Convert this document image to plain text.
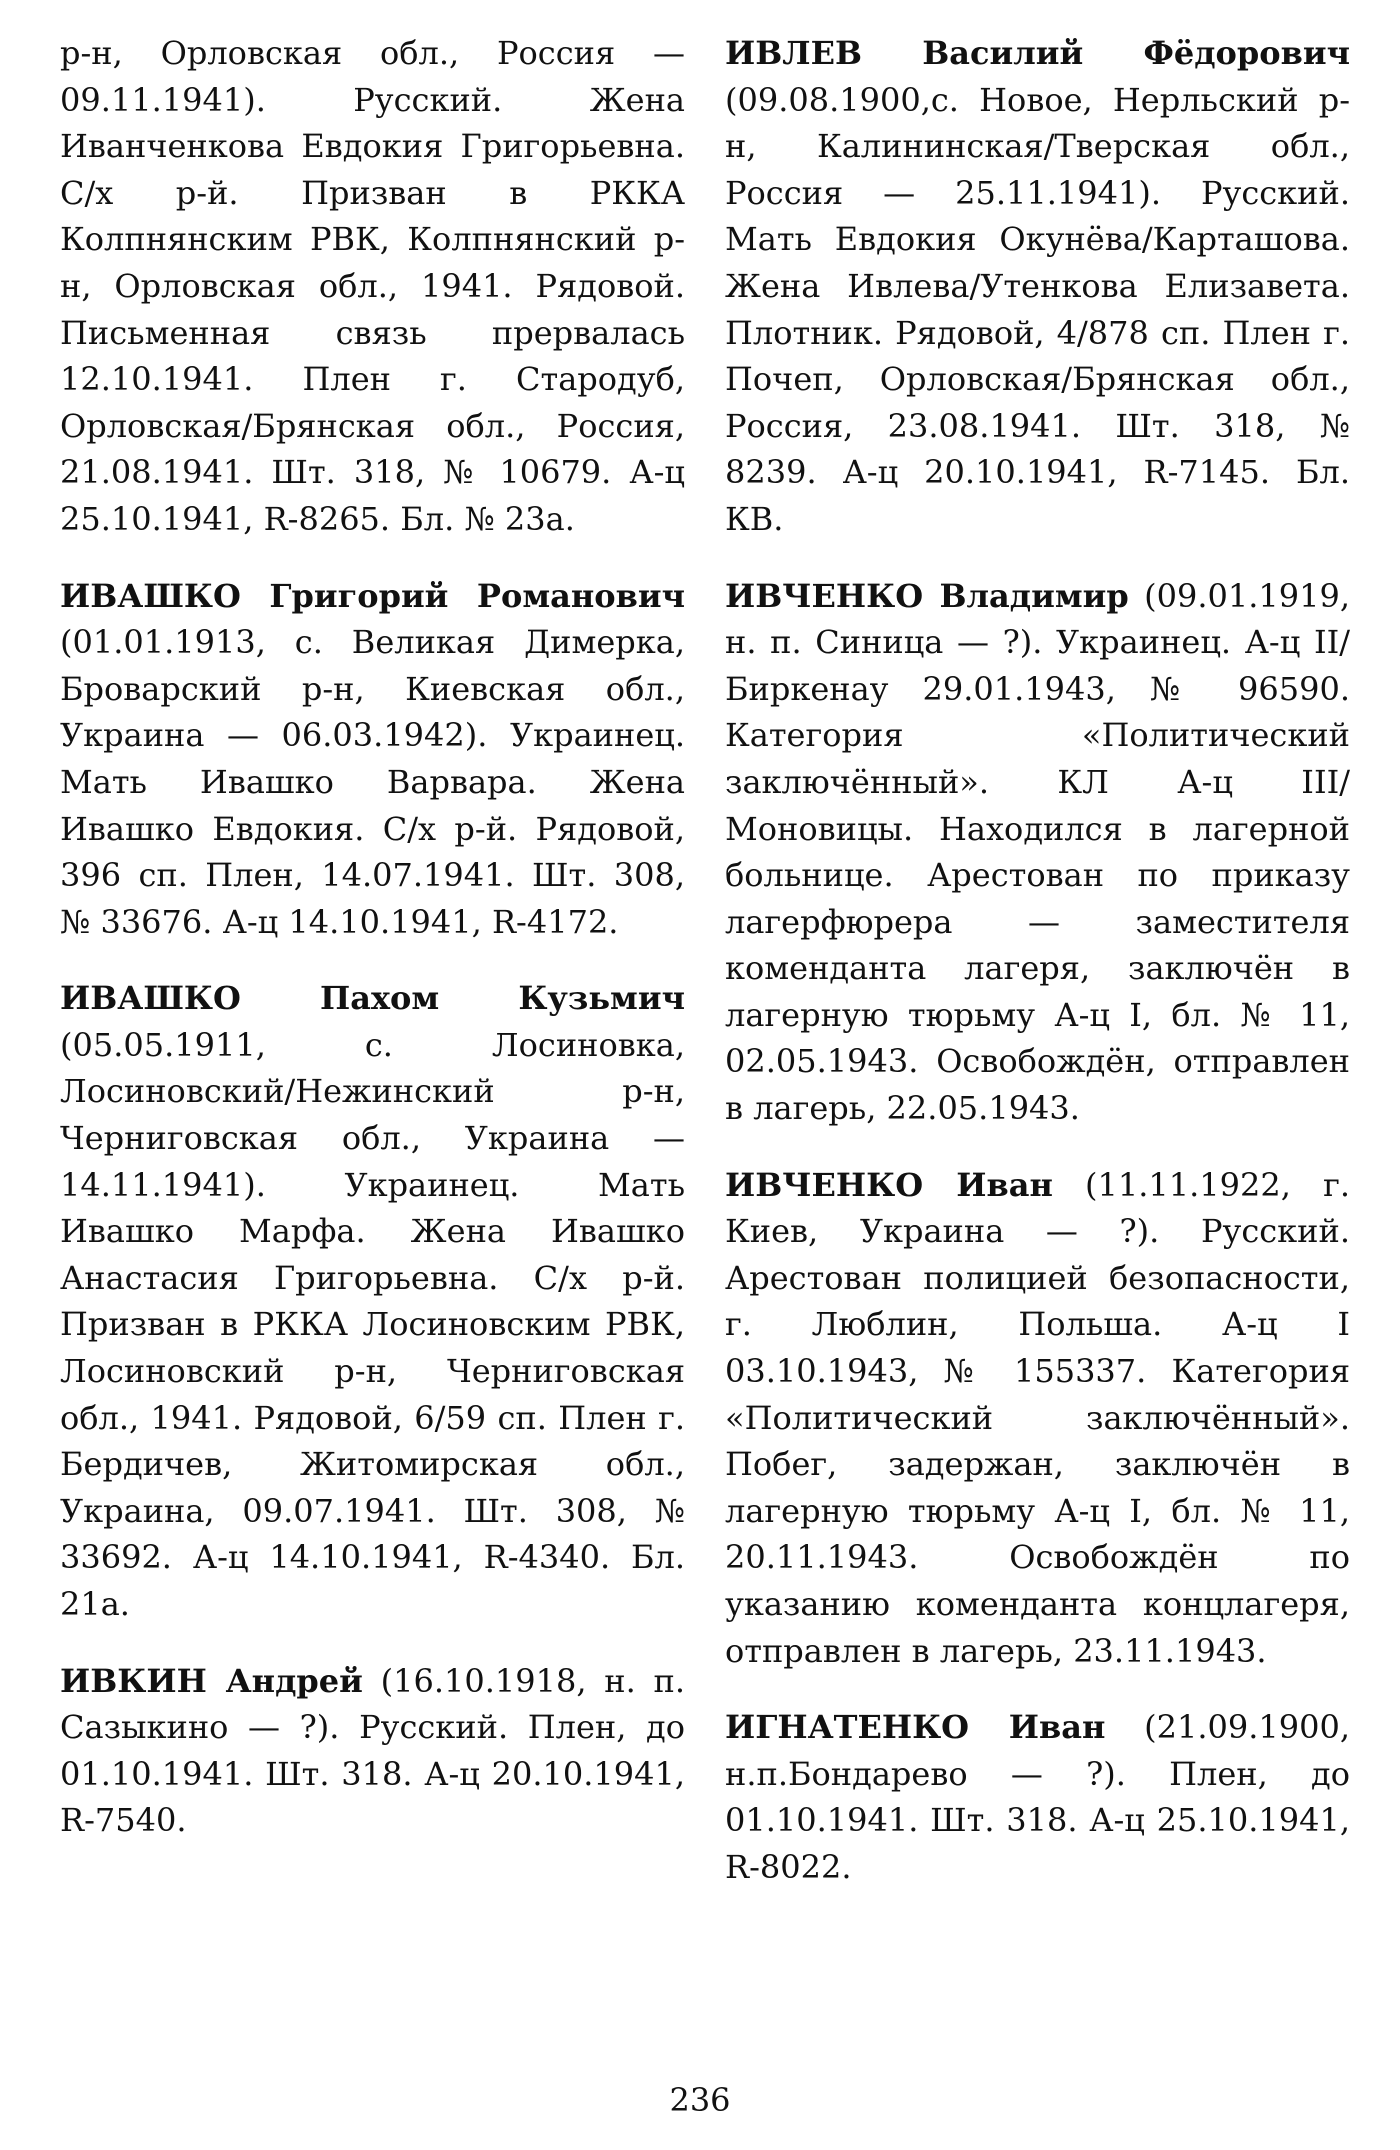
р-н, Орловская обл., Россия — 09.11.1941). Русский. Жена Иванченкова Евдокия Григорьевна. С/х р-й. Призван в РККА Колпнянским РВК, Колпнянский р-н, Орловская обл., 1941. Рядовой. Письменная связь прервалась 12.10.1941. Плен г. Стародуб, Орловская/Брянская обл., Россия, 21.08.1941. Шт. 318, № 10679. А-ц 25.10.1941, R-8265. Бл. № 23а.

ИВАШКО Григорий Романович (01.01.1913, с. Великая Димерка, Броварский р-н, Киевская обл., Украина — 06.03.1942). Украинец. Мать Ивашко Варвара. Жена Ивашко Евдокия. С/х р-й. Рядовой, 396 сп. Плен, 14.07.1941. Шт. 308, № 33676. А-ц 14.10.1941, R-4172.

ИВАШКО Пахом Кузьмич (05.05.1911, с. Лосиновка, Лосиновский/Нежинский р-н, Черниговская обл., Украина — 14.11.1941). Украинец. Мать Ивашко Марфа. Жена Ивашко Анастасия Григорьевна. С/х р-й. Призван в РККА Лосиновским РВК, Лосиновский р-н, Черниговская обл., 1941. Рядовой, 6/59 сп. Плен г. Бердичев, Житомирская обл., Украина, 09.07.1941. Шт. 308, № 33692. А-ц 14.10.1941, R-4340. Бл. 21а.

ИВКИН Андрей (16.10.1918, н. п. Сазыкино — ?). Русский. Плен, до 01.10.1941. Шт. 318. А-ц 20.10.1941, R-7540.

ИВЛЕВ Василий Фёдорович (09.08.1900,с. Новое, Нерльский р-н, Калининская/Тверская обл., Россия — 25.11.1941). Русский. Мать Евдокия Окунёва/Карташова. Жена Ивлева/Утенкова Елизавета. Плотник. Рядовой, 4/878 сп. Плен г. Почеп, Орловская/Брянская обл., Россия, 23.08.1941. Шт. 318, № 8239. А-ц 20.10.1941, R-7145. Бл. КВ.

ИВЧЕНКО Владимир (09.01.1919, н. п. Синица — ?). Украинец. А-ц II/Биркенау 29.01.1943, № 96590. Категория «Политический заключённый». КЛ А-ц III/Моновицы. Находился в лагерной больнице. Арестован по приказу лагерфюрера — заместителя коменданта лагеря, заключён в лагерную тюрьму А-ц I, бл. № 11, 02.05.1943. Освобождён, отправлен в лагерь, 22.05.1943.

ИВЧЕНКО Иван (11.11.1922, г. Киев, Украина — ?). Русский. Арестован полицией безопасности, г. Люблин, Польша. А-ц I 03.10.1943, № 155337. Категория «Политический заключённый». Побег, задержан, заключён в лагерную тюрьму А-ц I, бл. № 11, 20.11.1943. Освобождён по указанию коменданта концлагеря, отправлен в лагерь, 23.11.1943.

ИГНАТЕНКО Иван (21.09.1900, н.п.Бондарево — ?). Плен, до 01.10.1941. Шт. 318. А-ц 25.10.1941, R-8022.

236
